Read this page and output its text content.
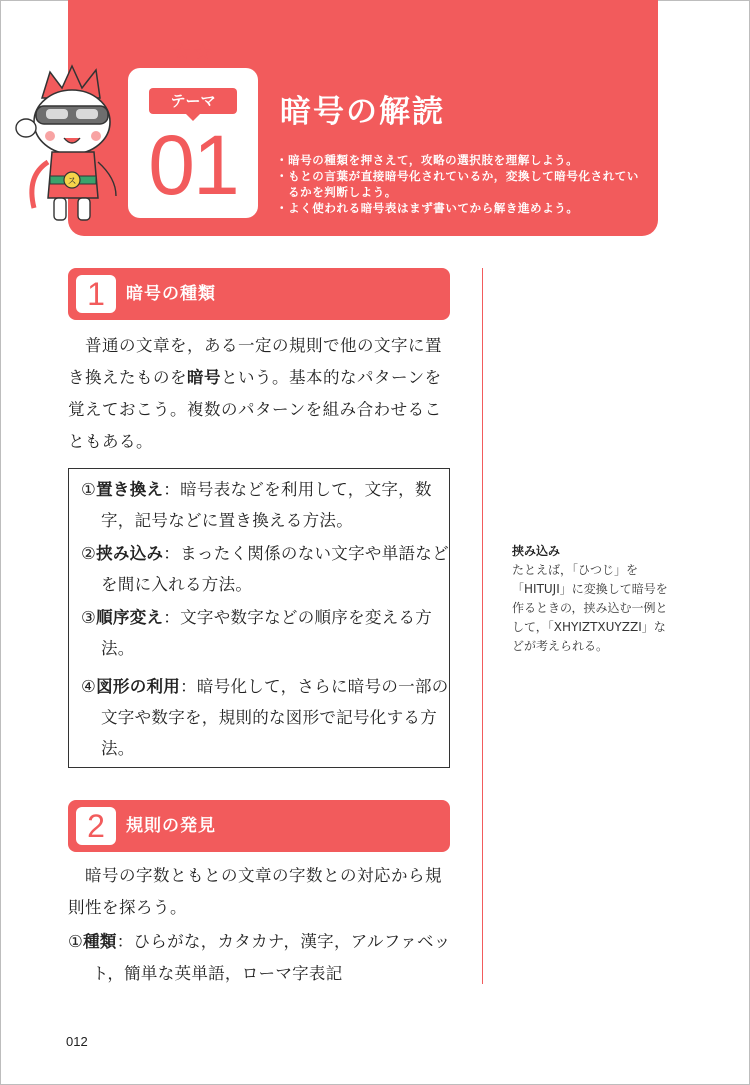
★★
ス
テーマ
01
暗号の解読
・暗号の種類を押さえて，攻略の選択肢を理解しよう。
・もとの言葉が直接暗号化されているか，変換して暗号化されているかを判断しよう。
・よく使われる暗号表はまず書いてから解き進めよう。
1	暗号の種類

普通の文章を，ある一定の規則で他の文字に置き換えたものを暗号という。基本的なパターンを覚えておこう。複数のパターンを組み合わせることもある。

①置き換え：暗号表などを利用して，文字，数字，記号などに置き換える方法。
②挟み込み：まったく関係のない文字や単語などを間に入れる方法。
③順序変え：文字や数字などの順序を変える方法。
④図形の利用：暗号化して，さらに暗号の一部の文字や数字を，規則的な図形で記号化する方法。
挟み込み
たとえば，「ひつじ」を「HITUJI」に変換して暗号を作るときの，挟み込む一例として，「XHYIZTXUYZZI」などが考えられる。
2	規則の発見

暗号の字数ともとの文章の字数との対応から規則性を探ろう。

①種類：ひらがな，カタカナ，漢字，アルファベット，簡単な英単語，ローマ字表記
012
